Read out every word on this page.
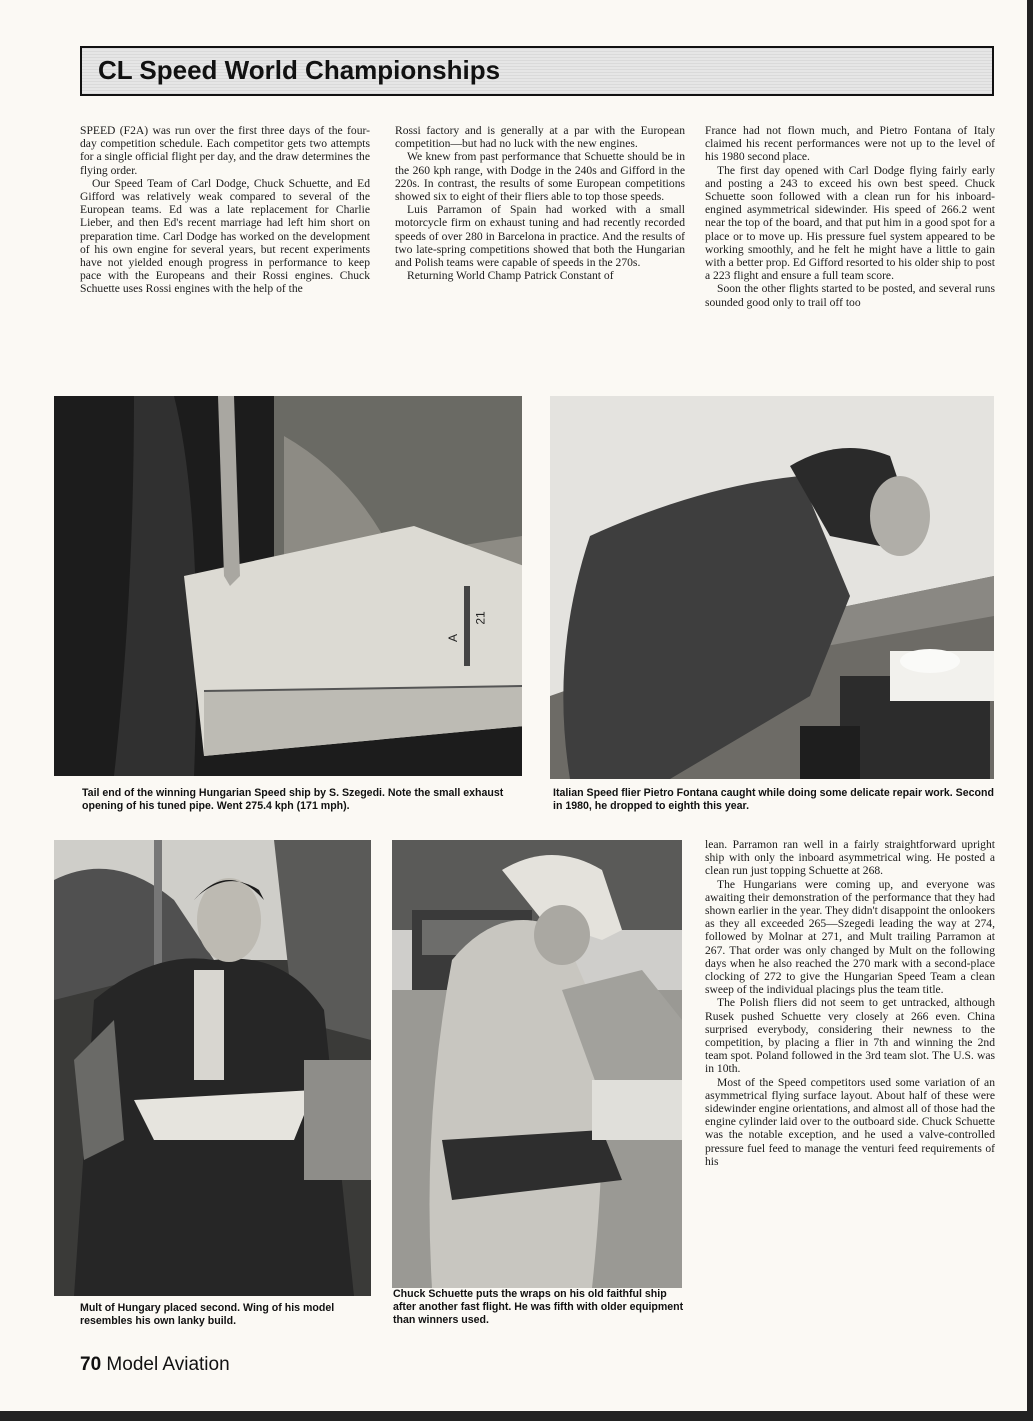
CL Speed World Championships

SPEED (F2A) was run over the first three days of the four-day competition schedule. Each competitor gets two attempts for a single official flight per day, and the draw determines the flying order.

Our Speed Team of Carl Dodge, Chuck Schuette, and Ed Gifford was relatively weak compared to several of the European teams. Ed was a late replacement for Charlie Lieber, and then Ed's recent marriage had left him short on preparation time. Carl Dodge has worked on the development of his own engine for several years, but recent experiments have not yielded enough progress in performance to keep pace with the Europeans and their Rossi engines. Chuck Schuette uses Rossi engines with the help of the

Rossi factory and is generally at a par with the European competition—but had no luck with the new engines.

We knew from past performance that Schuette should be in the 260 kph range, with Dodge in the 240s and Gifford in the 220s. In contrast, the results of some European competitions showed six to eight of their fliers able to top those speeds.

Luis Parramon of Spain had worked with a small motorcycle firm on exhaust tuning and had recently recorded speeds of over 280 in Barcelona in practice. And the results of two late-spring competitions showed that both the Hungarian and Polish teams were capable of speeds in the 270s.

Returning World Champ Patrick Constant of

France had not flown much, and Pietro Fontana of Italy claimed his recent performances were not up to the level of his 1980 second place.

The first day opened with Carl Dodge flying fairly early and posting a 243 to exceed his own best speed. Chuck Schuette soon followed with a clean run for his inboard-engined asymmetrical sidewinder. His speed of 266.2 went near the top of the board, and that put him in a good spot for a place or to move up. His pressure fuel system appeared to be working smoothly, and he felt he might have a little to gain with a better prop. Ed Gifford resorted to his older ship to post a 223 flight and ensure a full team score.

Soon the other flights started to be posted, and several runs sounded good only to trail off too

A
21
Tail end of the winning Hungarian Speed ship by S. Szegedi. Note the small exhaust opening of his tuned pipe. Went 275.4 kph (171 mph).
Italian Speed flier Pietro Fontana caught while doing some delicate repair work. Second in 1980, he dropped to eighth this year.
Mult of Hungary placed second. Wing of his model resembles his own lanky build.
Chuck Schuette puts the wraps on his old faithful ship after another fast flight. He was fifth with older equipment than winners used.

lean. Parramon ran well in a fairly straightforward upright ship with only the inboard asymmetrical wing. He posted a clean run just topping Schuette at 268.

The Hungarians were coming up, and everyone was awaiting their demonstration of the performance that they had shown earlier in the year. They didn't disappoint the onlookers as they all exceeded 265—Szegedi leading the way at 274, followed by Molnar at 271, and Mult trailing Parramon at 267. That order was only changed by Mult on the following days when he also reached the 270 mark with a second-place clocking of 272 to give the Hungarian Speed Team a clean sweep of the individual placings plus the team title.

The Polish fliers did not seem to get untracked, although Rusek pushed Schuette very closely at 266 even. China surprised everybody, considering their newness to the competition, by placing a flier in 7th and winning the 2nd team spot. Poland followed in the 3rd team slot. The U.S. was in 10th.

Most of the Speed competitors used some variation of an asymmetrical flying surface layout. About half of these were sidewinder engine orientations, and almost all of those had the engine cylinder laid over to the outboard side. Chuck Schuette was the notable exception, and he used a valve-controlled pressure fuel feed to manage the venturi feed requirements of his

70 Model Aviation
